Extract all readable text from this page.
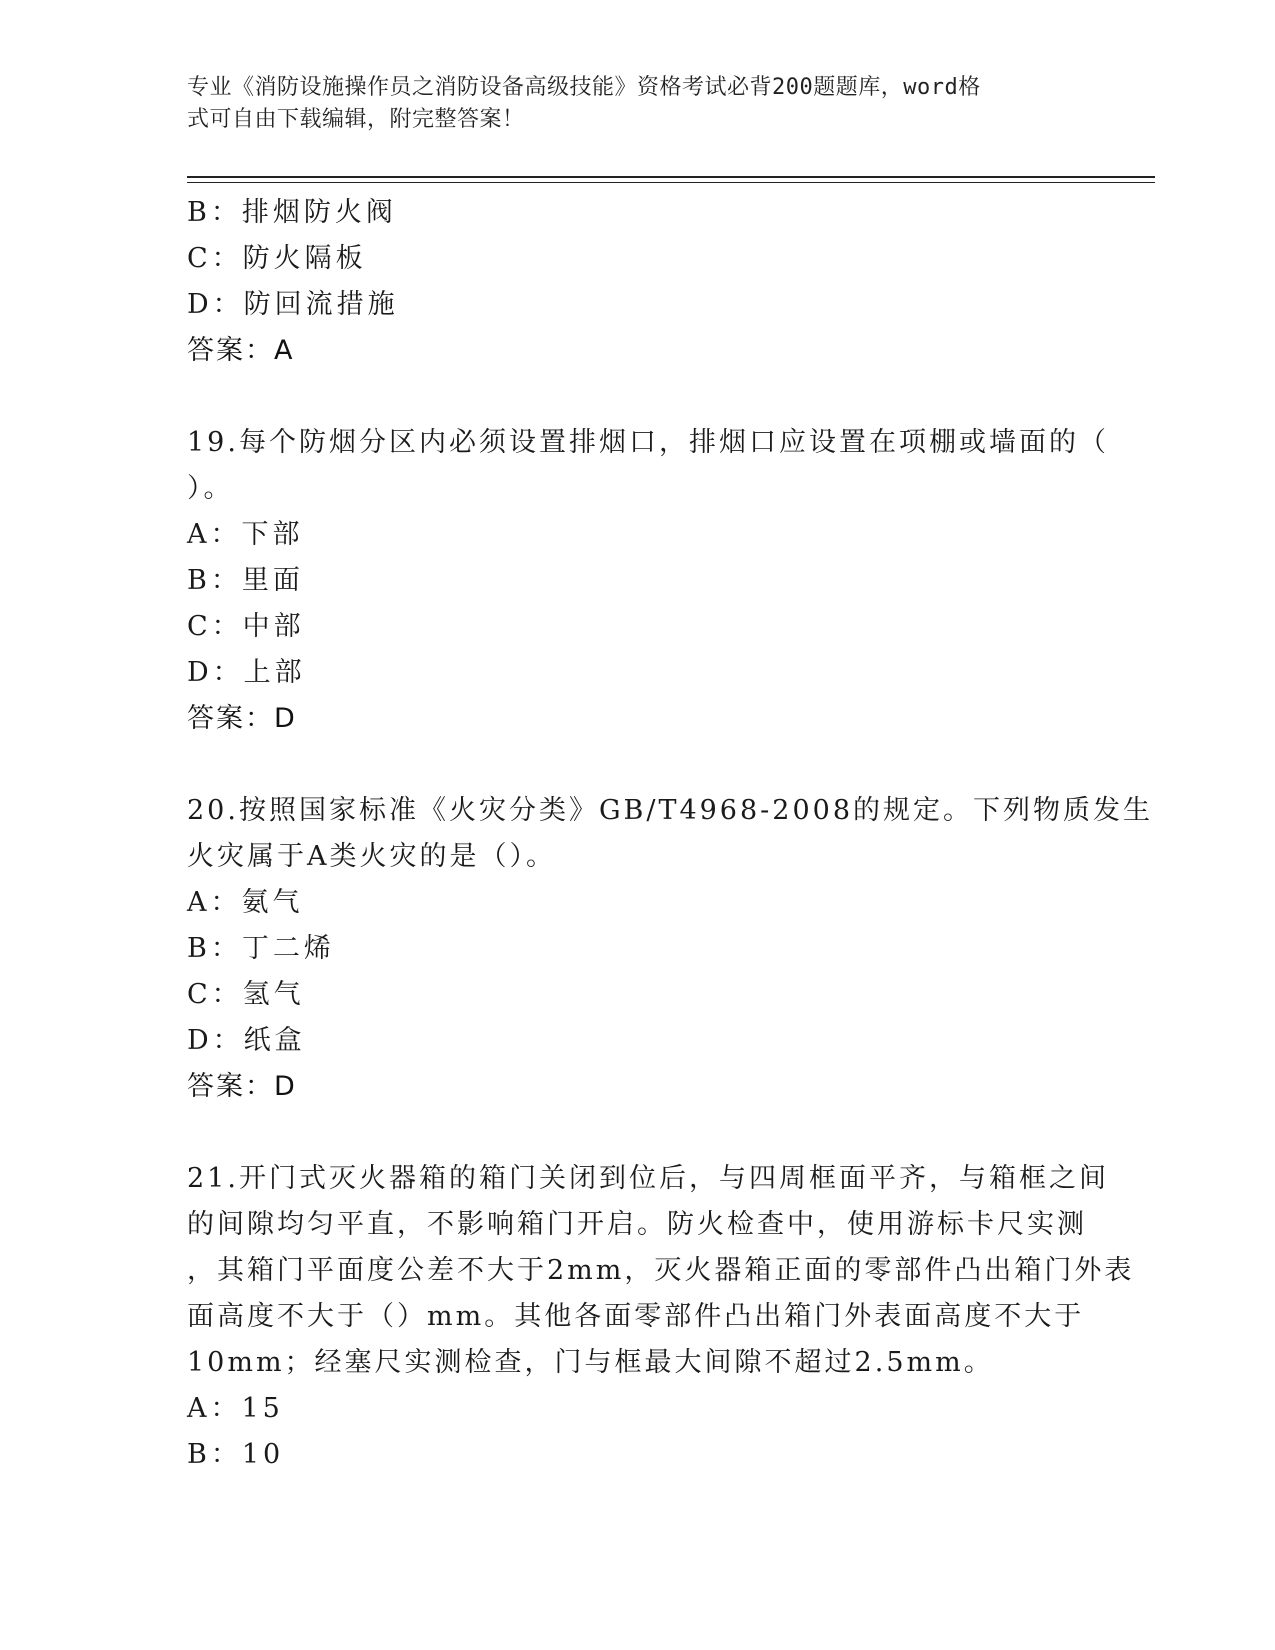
专业《消防设施操作员之消防设备高级技能》资格考试必背200题题库，word格
式可自由下载编辑，附完整答案！
B：排烟防火阀
C：防火隔板
D：防回流措施
答案：A
19.每个防烟分区内必须设置排烟口，排烟口应设置在项棚或墙面的（
）。
A：下部
B：里面
C：中部
D：上部
答案：D
20.按照国家标准《火灾分类》GB/T4968-2008的规定。下列物质发生
火灾属于A类火灾的是（）。
A：氨气
B：丁二烯
C：氢气
D：纸盒
答案：D
21.开门式灭火器箱的箱门关闭到位后，与四周框面平齐，与箱框之间
的间隙均匀平直，不影响箱门开启。防火检查中，使用游标卡尺实测
，其箱门平面度公差不大于2mm，灭火器箱正面的零部件凸出箱门外表
面高度不大于（）mm。其他各面零部件凸出箱门外表面高度不大于
10mm；经塞尺实测检查，门与框最大间隙不超过2.5mm。
A：15
B：10
